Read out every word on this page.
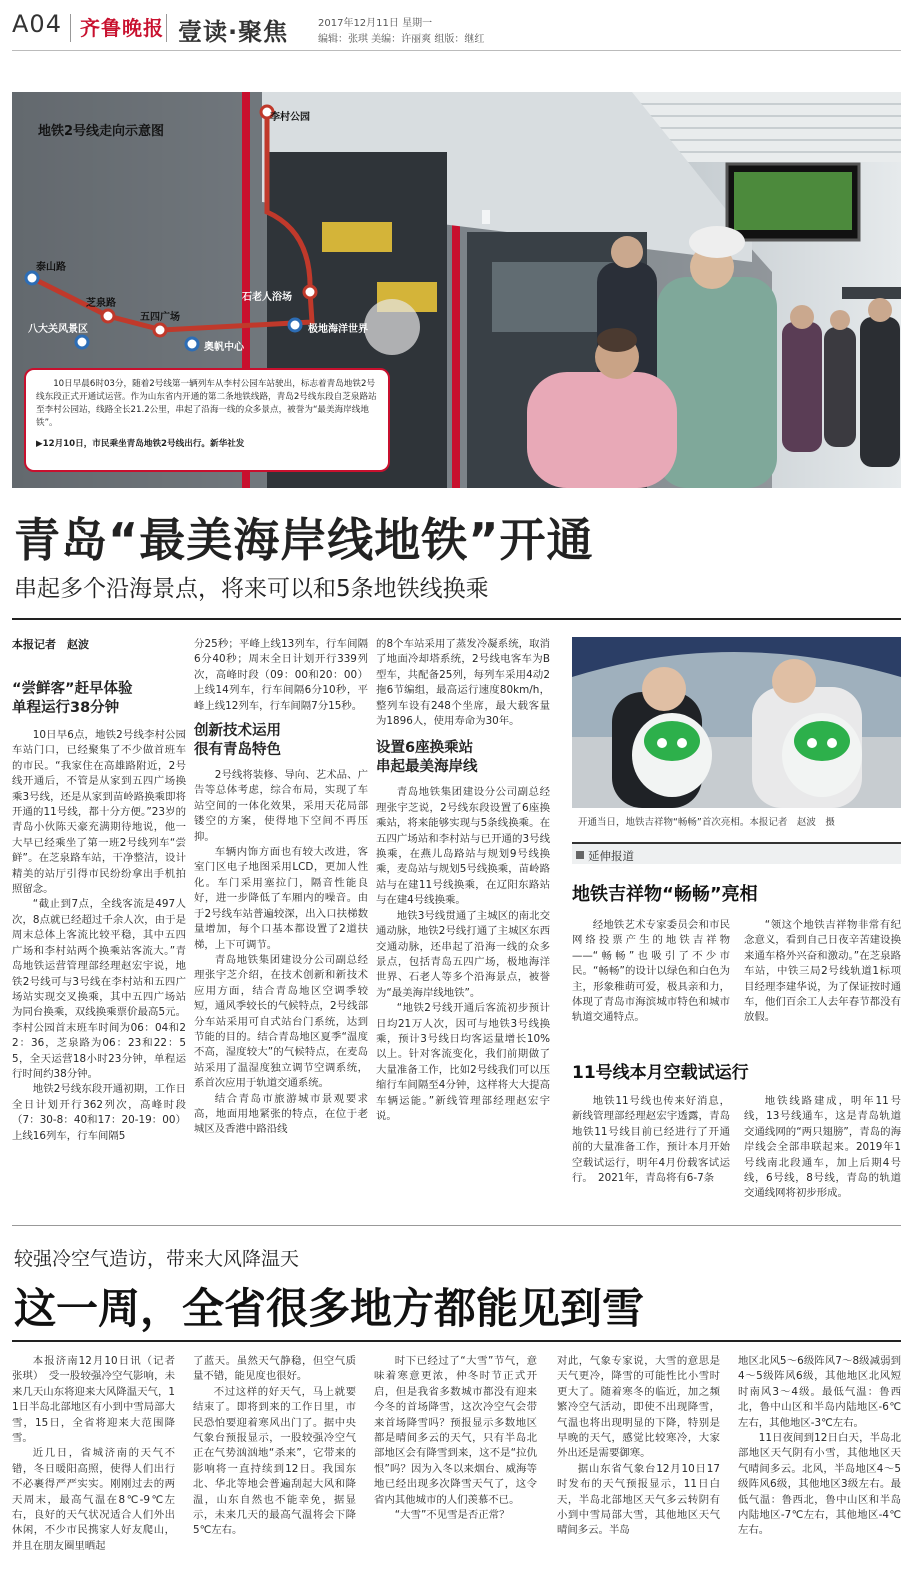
A04 齐鲁晚报 壹读·聚焦	2017年12月11日 星期一
编辑：张琪 美编：许丽爽 组版：继红
地铁2号线走向示意图
李村公园
泰山路
芝泉路
五四广场
石老人浴场
八大关风景区
奥帆中心
极地海洋世界
10日早晨6时03分，随着2号线第一辆列车从李村公园车站驶出，标志着青岛地铁2号线东段正式开通试运营。作为山东省内开通的第二条地铁线路，青岛2号线东段自芝泉路站至李村公园站，线路全长21.2公里，串起了沿海一线的众多景点，被誉为“最美海岸线地铁”。
▶12月10日，市民乘坐青岛地铁2号线出行。新华社发
青岛“最美海岸线地铁”开通
串起多个沿海景点，将来可以和5条地铁线换乘
本报记者　赵波
“尝鲜客”赶早体验
单程运行38分钟

10日早6点，地铁2号线李村公园车站门口，已经聚集了不少做首班车的市民。“我家住在高雄路附近，2号线开通后，不管是从家到五四广场换乘3号线，还是从家到苗岭路换乘即将开通的11号线，都十分方便。”23岁的青岛小伙陈天豪充满期待地说，他一大早已经乘坐了第一班2号线列车“尝鲜”。在芝泉路车站，干净整洁，设计精美的站厅引得市民纷纷拿出手机拍照留念。

“截止到7点，全线客流是497人次，8点就已经超过千余人次，由于是周末总体上客流比较平稳，其中五四广场和李村站两个换乘站客流大。”青岛地铁运营管理部经理赵宏宇说，地铁2号线可与3号线在李村站和五四广场站实现交叉换乘，其中五四广场站为同台换乘，双线换乘票价最高5元。李村公园首末班车时间为06：04和22：36，芝泉路为06：23和22：55，全天运营18小时23分钟，单程运行时间约38分钟。

地铁2号线东段开通初期，工作日全日计划开行362列次，高峰时段（7：30-8：40和17：20-19：00）上线16列车，行车间隔5

分25秒；平峰上线13列车，行车间隔6分40秒；周末全日计划开行339列次，高峰时段（09：00和20：00）上线14列车，行车间隔6分10秒，平峰上线12列车，行车间隔7分15秒。
创新技术运用
很有青岛特色

2号线将装修、导向、艺术品、广告等总体考虑，综合布局，实现了车站空间的一体化效果，采用天花局部镂空的方案，使得地下空间不再压抑。

车辆内饰方面也有较大改进，客室门区电子地图采用LCD，更加人性化。车门采用塞拉门，隔音性能良好，进一步降低了车厢内的噪音。由于2号线车站普遍较深，出入口扶梯数量增加，每个口基本都设置了2道扶梯，上下可调节。

青岛地铁集团建设分公司副总经理张宇芝介绍，在技术创新和新技术应用方面，结合青岛地区空调季较短，通风季较长的气候特点，2号线部分车站采用可自式站台门系统，达到节能的目的。结合青岛地区夏季“温度不高，湿度较大”的气候特点，在麦岛站采用了温湿度独立调节空调系统，系首次应用于轨道交通系统。

结合青岛市旅游城市景观要求高，地面用地紧张的特点，在位于老城区及香港中路沿线

的8个车站采用了蒸发冷凝系统，取消了地面冷却塔系统，2号线电客车为B型车，共配备25列，每列车采用4动2拖6节编组，最高运行速度80km/h，整列车设有248个坐席，最大载客量为1896人，使用寿命为30年。
设置6座换乘站
串起最美海岸线

青岛地铁集团建设分公司副总经理张宇芝说，2号线东段设置了6座换乘站，将来能够实现与5条线换乘。在五四广场站和李村站与已开通的3号线换乘，在燕儿岛路站与规划9号线换乘，麦岛站与规划5号线换乘，苗岭路站与在建11号线换乘，在辽阳东路站与在建4号线换乘。

地铁3号线贯通了主城区的南北交通动脉，地铁2号线打通了主城区东西交通动脉，还串起了沿海一线的众多景点，包括青岛五四广场，极地海洋世界、石老人等多个沿海景点，被誉为“最美海岸线地铁”。

“地铁2号线开通后客流初步预计日均21万人次，因可与地铁3号线换乘，预计3号线日均客运量增长10%以上。针对客流变化，我们前期做了大量准备工作，比如2号线我们可以压缩行车间隔至4分钟，这样将大大提高车辆运能。”新线管理部经理赵宏宇说。

开通当日，地铁吉祥物“畅畅”首次亮相。本报记者　赵波　摄
延伸报道
地铁吉祥物“畅畅”亮相

经地铁艺术专家委员会和市民网络投票产生的地铁吉祥物——“畅畅”也吸引了不少市民。“畅畅”的设计以绿色和白色为主，形象稚萌可爱，极具亲和力，体现了青岛市海滨城市特色和城市轨道交通特点。

“领这个地铁吉祥物非常有纪念意义，看到自己日夜辛苦建设换来通车格外兴奋和激动。”在芝泉路车站，中铁三局2号线轨道1标项目经理李建华说，为了保证按时通车，他们百余工人去年春节都没有放假。

11号线本月空载试运行

地铁11号线也传来好消息，新线管理部经理赵宏宇透露，青岛地铁11号线目前已经进行了开通前的大量准备工作，预计本月开始空载试运行，明年4月份载客试运行。　2021年，青岛将有6-7条

地铁线路建成，明年11号线，13号线通车，这是青岛轨道交通线网的“两只翅膀”，青岛的海岸线会全部串联起来。2019年1号线南北段通车，加上后期4号线，6号线，8号线，青岛的轨道交通线网将初步形成。

较强冷空气造访，带来大风降温天
这一周，全省很多地方都能见到雪

本报济南12月10日讯（记者　张琪）　受一股较强冷空气影响，未来几天山东将迎来大风降温天气，11日半岛北部地区有小到中雪局部大雪，15日，全省将迎来大范围降雪。

近几日，省城济南的天气不错，冬日暖阳高照，使得人们出行不必裹得严严实实。刚刚过去的两天周末，最高气温在8℃-9℃左右，良好的天气状况适合人们外出休闲，不少市民携家人好友爬山，并且在朋友圈里晒起

了蓝天。虽然天气静稳，但空气质量不错，能见度也很好。

不过这样的好天气，马上就要结束了。即将到来的工作日里，市民恐怕要迎着寒风出门了。据中央气象台预报显示，一股较强冷空气正在气势汹汹地“杀来”，它带来的影响将一直持续到12日。我国东北、华北等地会普遍刮起大风和降温，山东自然也不能幸免，据显示，未来几天的最高气温将会下降5℃左右。

时下已经过了“大雪”节气，意味着寒意更浓，仲冬时节正式开启，但是我省多数城市都没有迎来今冬的首场降雪，这次冷空气会带来首场降雪吗？预报显示多数地区都是晴间多云的天气，只有半岛北部地区会有降雪到来，这不是“拉仇恨”吗？因为入冬以来烟台、威海等地已经出现多次降雪天气了，这令省内其他城市的人们羡慕不已。

“大雪”不见雪是否正常？

对此，气象专家说，大雪的意思是天气更冷，降雪的可能性比小雪时更大了。随着寒冬的临近，加之频繁冷空气活动，即使不出现降雪，气温也将出现明显的下降，特别是早晚的天气，感觉比较寒冷，大家外出还是需要御寒。

据山东省气象台12月10日17时发布的天气预报显示，11日白天，半岛北部地区天气多云转阴有小到中雪局部大雪，其他地区天气晴间多云。半岛

地区北风5～6级阵风7～8级减弱到4～5级阵风6级，其他地区北风短时南风3～4级。最低气温：鲁西北，鲁中山区和半岛内陆地区-6℃左右，其他地区-3℃左右。

11日夜间到12日白天，半岛北部地区天气阴有小雪，其他地区天气晴间多云。北风，半岛地区4～5级阵风6级，其他地区3级左右。最低气温：鲁西北，鲁中山区和半岛内陆地区-7℃左右，其他地区-4℃左右。
